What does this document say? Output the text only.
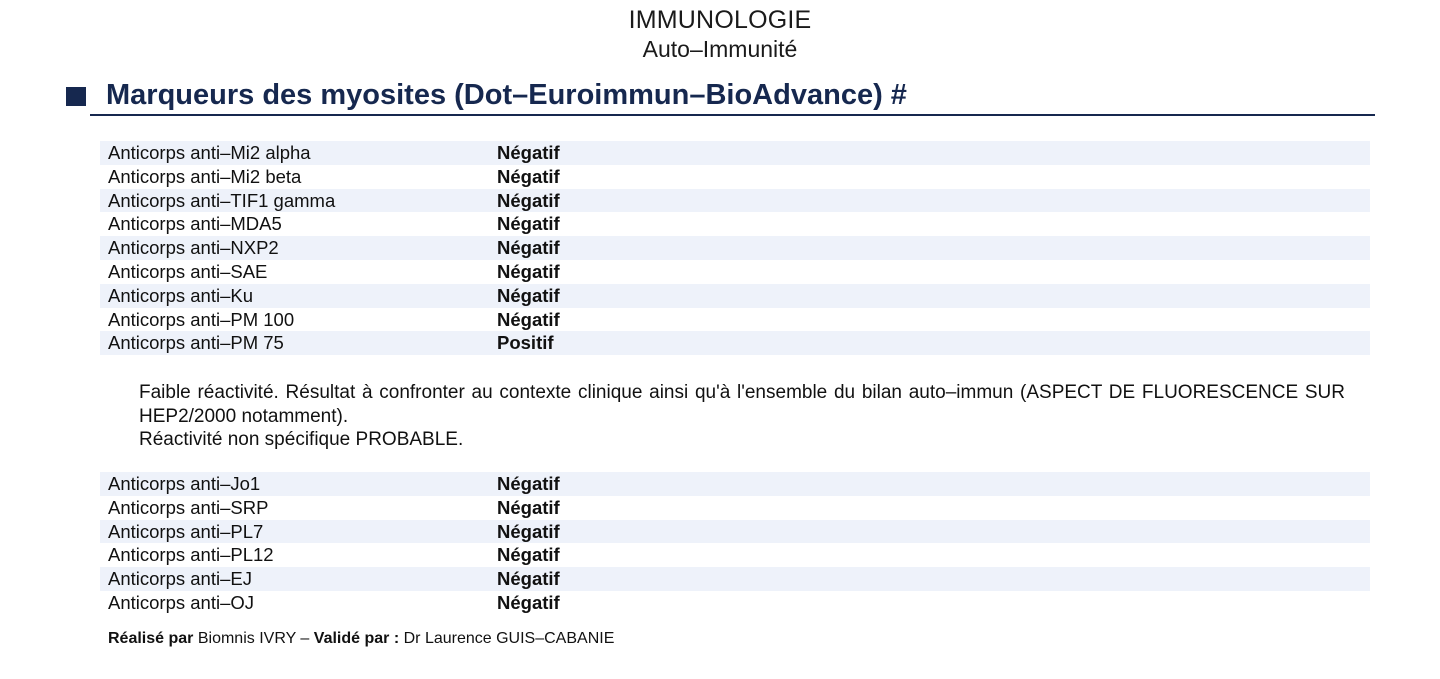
IMMUNOLOGIE
Auto–Immunité
Marqueurs des myosites (Dot–Euroimmun–BioAdvance) #
Anticorps anti–Mi2 alpha	Négatif
Anticorps anti–Mi2 beta	Négatif
Anticorps anti–TIF1 gamma	Négatif
Anticorps anti–MDA5	Négatif
Anticorps anti–NXP2	Négatif
Anticorps anti–SAE	Négatif
Anticorps anti–Ku	Négatif
Anticorps anti–PM 100	Négatif
Anticorps anti–PM 75	Positif

Faible réactivité. Résultat à confronter au contexte clinique ainsi qu'à l'ensemble du bilan auto–immun (ASPECT DE FLUORESCENCE SUR HEP2/2000 notamment).

Réactivité non spécifique PROBABLE.

Anticorps anti–Jo1	Négatif
Anticorps anti–SRP	Négatif
Anticorps anti–PL7	Négatif
Anticorps anti–PL12	Négatif
Anticorps anti–EJ	Négatif
Anticorps anti–OJ	Négatif
Réalisé par Biomnis IVRY – Validé par : Dr Laurence GUIS–CABANIE
